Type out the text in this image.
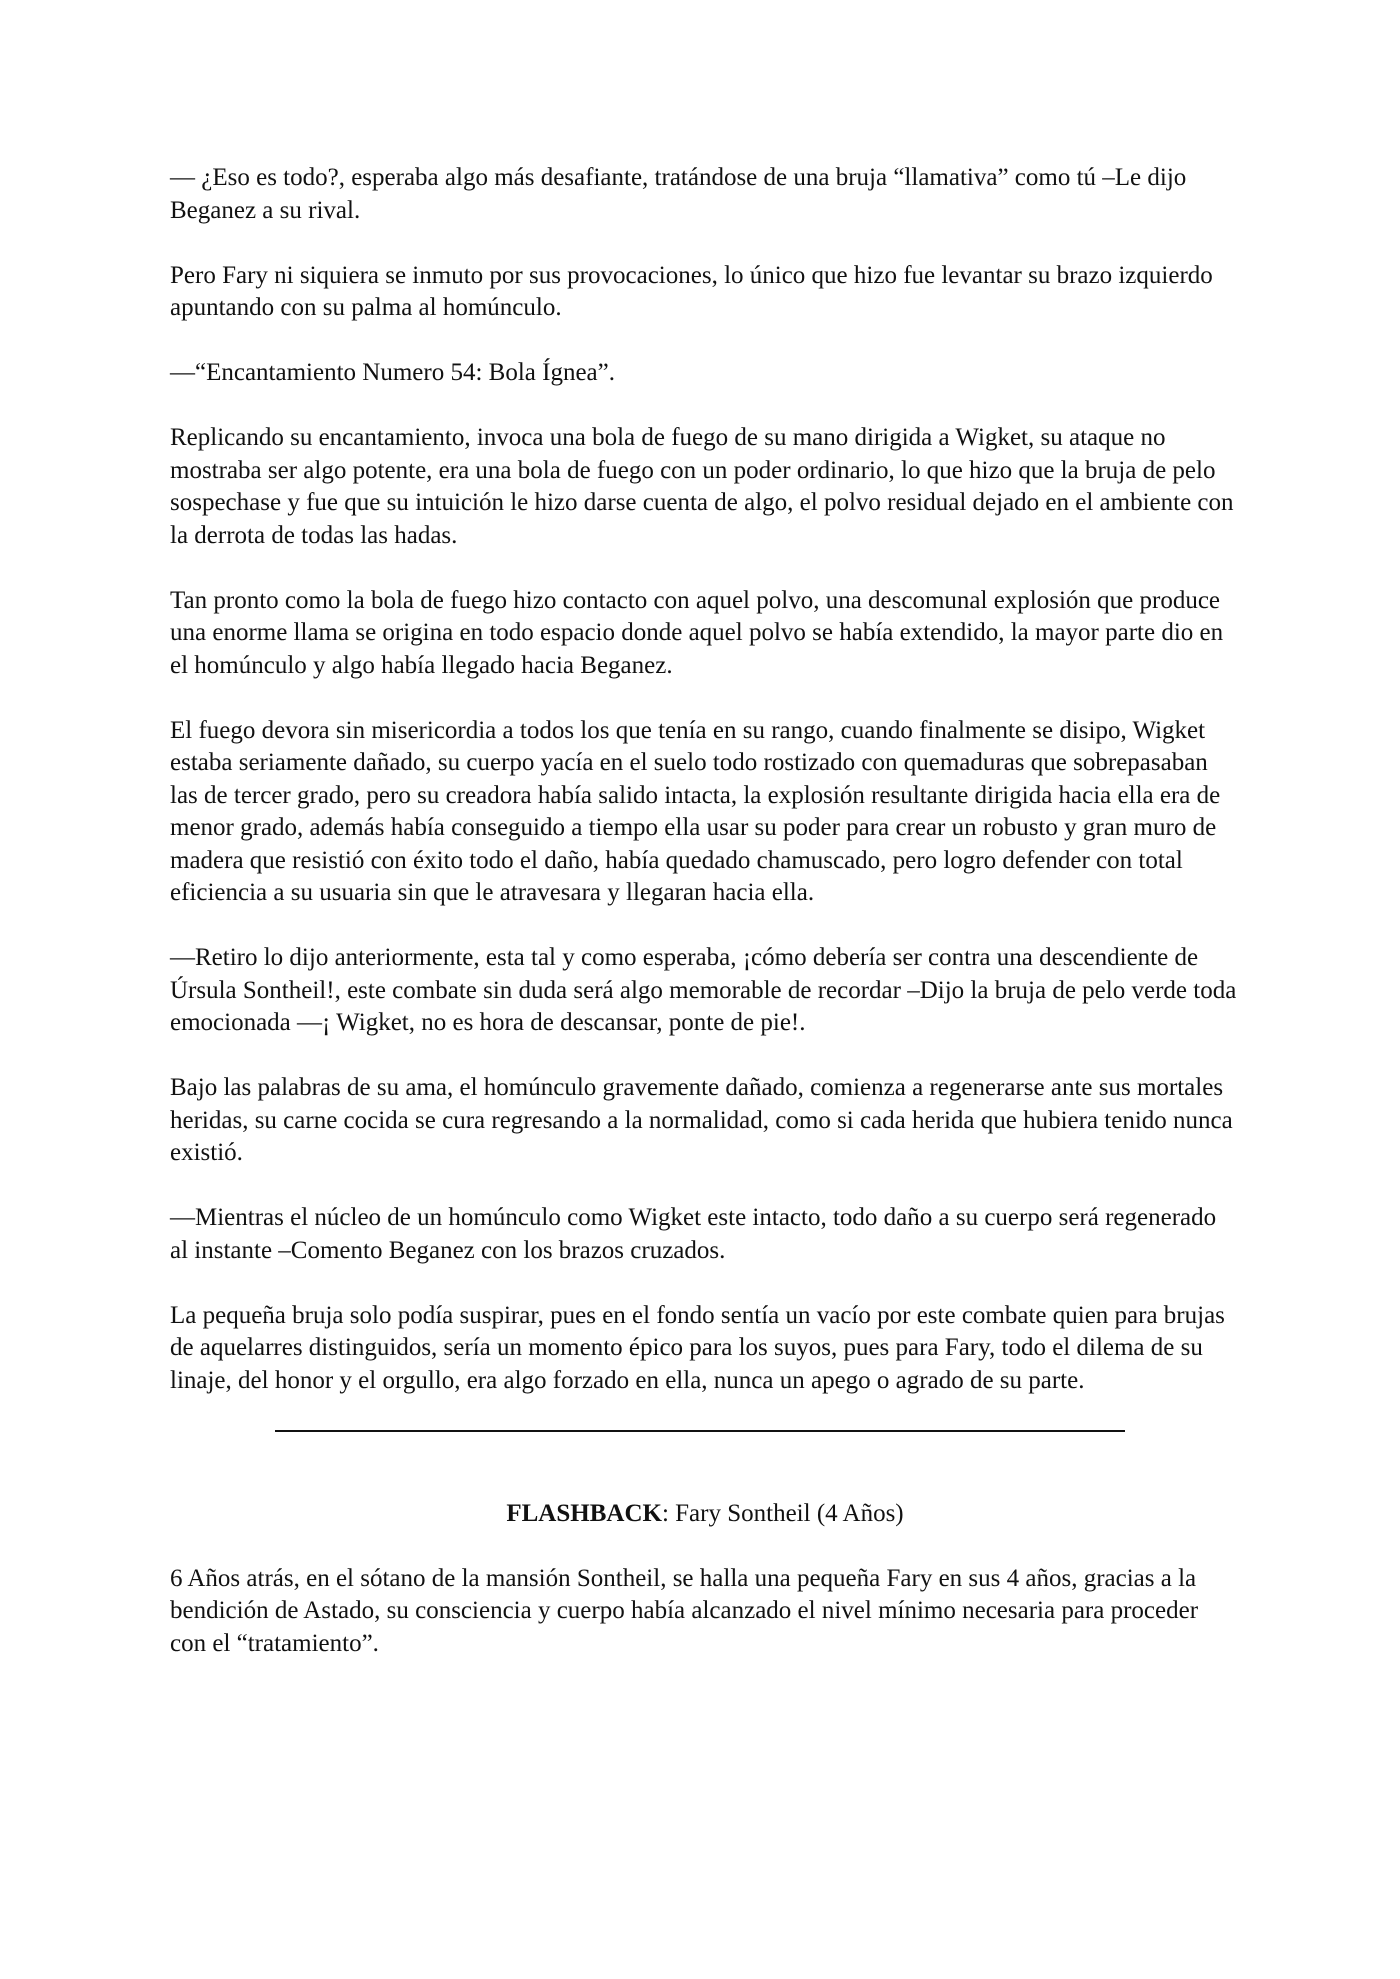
— ¿Eso es todo?, esperaba algo más desafiante, tratándose de una bruja “llamativa” como tú –Le dijo Beganez a su rival.

Pero Fary ni siquiera se inmuto por sus provocaciones, lo único que hizo fue levantar su brazo izquierdo apuntando con su palma al homúnculo.

—“Encantamiento Numero 54: Bola Ígnea”.

Replicando su encantamiento, invoca una bola de fuego de su mano dirigida a Wigket, su ataque no mostraba ser algo potente, era una bola de fuego con un poder ordinario, lo que hizo que la bruja de pelo sospechase y fue que su intuición le hizo darse cuenta de algo, el polvo residual dejado en el ambiente con la derrota de todas las hadas.

Tan pronto como la bola de fuego hizo contacto con aquel polvo, una descomunal explosión que produce una enorme llama se origina en todo espacio donde aquel polvo se había extendido, la mayor parte dio en el homúnculo y algo había llegado hacia Beganez.

El fuego devora sin misericordia a todos los que tenía en su rango, cuando finalmente se disipo, Wigket estaba seriamente dañado, su cuerpo yacía en el suelo todo rostizado con quemaduras que sobrepasaban las de tercer grado, pero su creadora había salido intacta, la explosión resultante dirigida hacia ella era de menor grado, además había conseguido a tiempo ella usar su poder para crear un robusto y gran muro de madera que resistió con éxito todo el daño, había quedado chamuscado, pero logro defender con total eficiencia a su usuaria sin que le atravesara y llegaran hacia ella.

—Retiro lo dijo anteriormente, esta tal y como esperaba, ¡cómo debería ser contra una descendiente de Úrsula Sontheil!, este combate sin duda será algo memorable de recordar –Dijo la bruja de pelo verde toda emocionada —¡ Wigket, no es hora de descansar, ponte de pie!.

Bajo las palabras de su ama, el homúnculo gravemente dañado, comienza a regenerarse ante sus mortales heridas, su carne cocida se cura regresando a la normalidad, como si cada herida que hubiera tenido nunca existió.

—Mientras el núcleo de un homúnculo como Wigket este intacto, todo daño a su cuerpo será regenerado al instante –Comento Beganez con los brazos cruzados.

La pequeña bruja solo podía suspirar, pues en el fondo sentía un vacío por este combate quien para brujas de aquelarres distinguidos, sería un momento épico para los suyos, pues para Fary, todo el dilema de su linaje, del honor y el orgullo, era algo forzado en ella, nunca un apego o agrado de su parte.

FLASHBACK: Fary Sontheil (4 Años)

6 Años atrás, en el sótano de la mansión Sontheil, se halla una pequeña Fary en sus 4 años, gracias a la bendición de Astado, su consciencia y cuerpo había alcanzado el nivel mínimo necesaria para proceder con el “tratamiento”.
